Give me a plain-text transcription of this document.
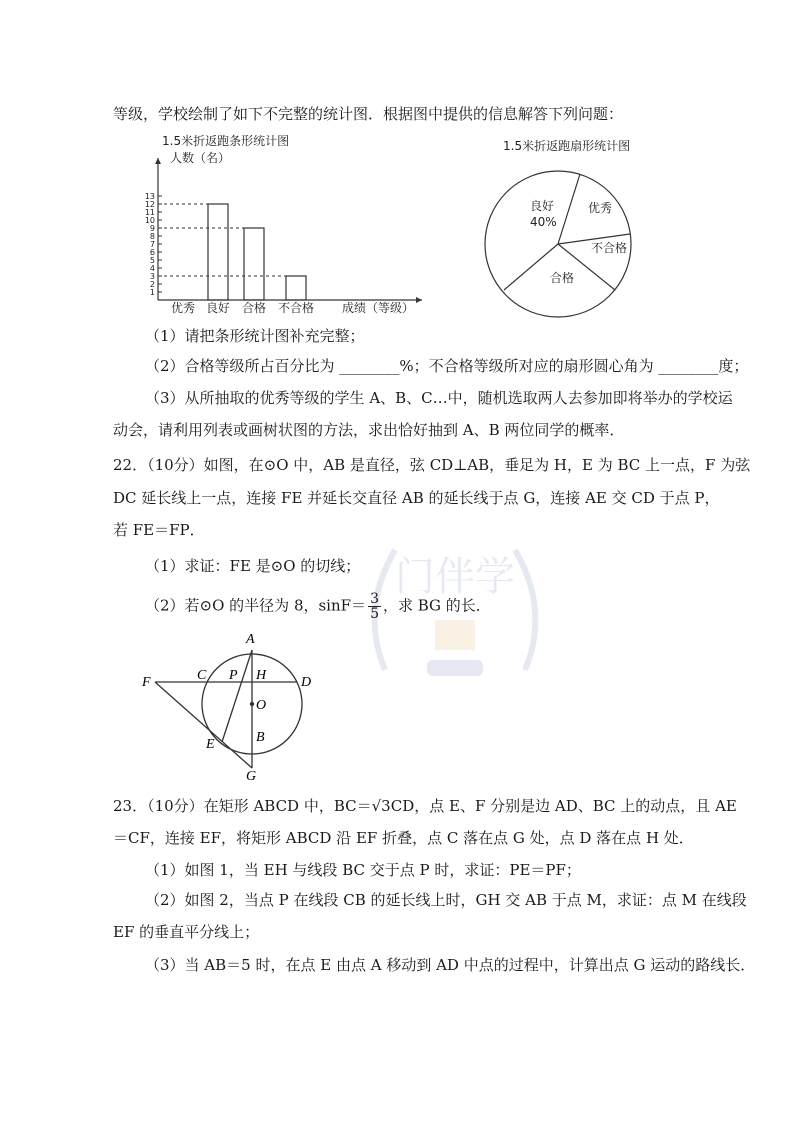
门伴学
等级，学校绘制了如下不完整的统计图．根据图中提供的信息解答下列问题：
1.5米折返跑条形统计图
人数（名）
1
2
3
4
5
6
7
8
9
10
11
12
13
优秀 良好 合格 不合格 成绩（等级）
1.5米折返跑扇形统计图
良好
40%
优秀
不合格
合格
（1）请把条形统计图补充完整；
（2）合格等级所占百分比为 ________%；不合格等级所对应的扇形圆心角为 ________度；
（3）从所抽取的优秀等级的学生 A、B、C…中，随机选取两人去参加即将举办的学校运
动会，请利用列表或画树状图的方法，求出恰好抽到 A、B 两位同学的概率．
22．（10分）如图，在⊙O 中，AB 是直径，弦 CD⊥AB，垂足为 H，E 为 BC 上一点，F 为弦
DC 延长线上一点，连接 FE 并延长交直径 AB 的延长线于点 G，连接 AE 交 CD 于点 P，
若 FE＝FP．
（1）求证：FE 是⊙O 的切线；
（2）若⊙O 的半径为 8，$\sin F= \frac{3}{5}$ ，求 BG 的长．
A
F	C P H D
O
E	B
G
23．（10分）在矩形 ABCD 中，BC＝√3CD，点 E、F 分别是边 AD、BC 上的动点，且 AE
＝CF，连接 EF，将矩形 ABCD 沿 EF 折叠，点 C 落在点 G 处，点 D 落在点 H 处．
（1）如图 1，当 EH 与线段 BC 交于点 P 时，求证：PE＝PF；
（2）如图 2，当点 P 在线段 CB 的延长线上时，GH 交 AB 于点 M，求证：点 M 在线段
EF 的垂直平分线上；
（3）当 AB＝5 时，在点 E 由点 A 移动到 AD 中点的过程中，计算出点 G 运动的路线长．
